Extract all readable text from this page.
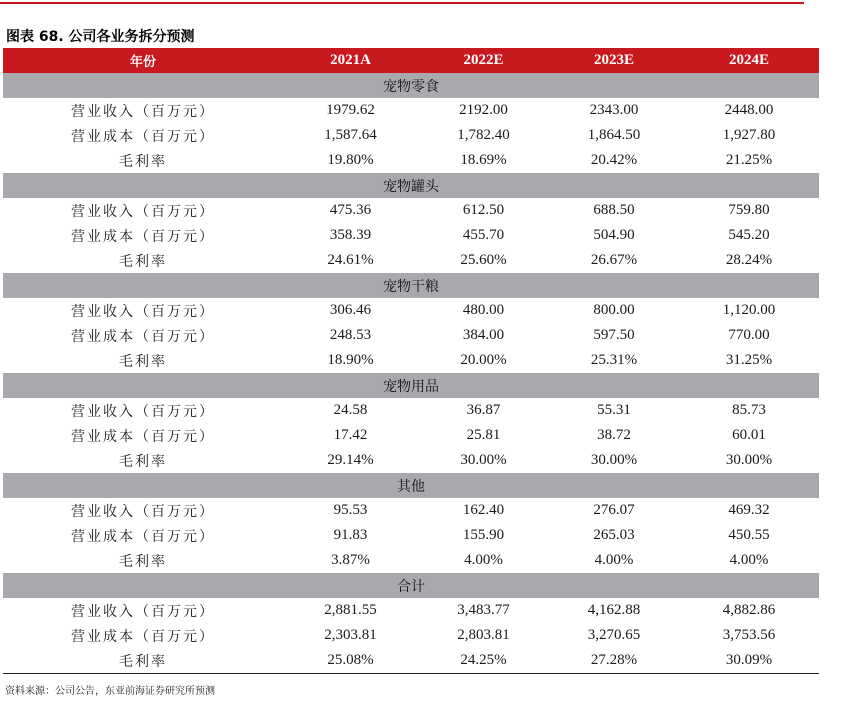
图表 68. 公司各业务拆分预测
年份	2021A	2022E	2023E	2024E
宠物零食				
营业收入（百万元）	1979.62	2192.00	2343.00	2448.00
营业成本（百万元）	1,587.64	1,782.40	1,864.50	1,927.80
毛利率	19.80%	18.69%	20.42%	21.25%
宠物罐头				
营业收入（百万元）	475.36	612.50	688.50	759.80
营业成本（百万元）	358.39	455.70	504.90	545.20
毛利率	24.61%	25.60%	26.67%	28.24%
宠物干粮				
营业收入（百万元）	306.46	480.00	800.00	1,120.00
营业成本（百万元）	248.53	384.00	597.50	770.00
毛利率	18.90%	20.00%	25.31%	31.25%
宠物用品				
营业收入（百万元）	24.58	36.87	55.31	85.73
营业成本（百万元）	17.42	25.81	38.72	60.01
毛利率	29.14%	30.00%	30.00%	30.00%
其他				
营业收入（百万元）	95.53	162.40	276.07	469.32
营业成本（百万元）	91.83	155.90	265.03	450.55
毛利率	3.87%	4.00%	4.00%	4.00%
合计				
营业收入（百万元）	2,881.55	3,483.77	4,162.88	4,882.86
营业成本（百万元）	2,303.81	2,803.81	3,270.65	3,753.56
毛利率	25.08%	24.25%	27.28%	30.09%
资料来源：公司公告，东亚前海证券研究所预测
